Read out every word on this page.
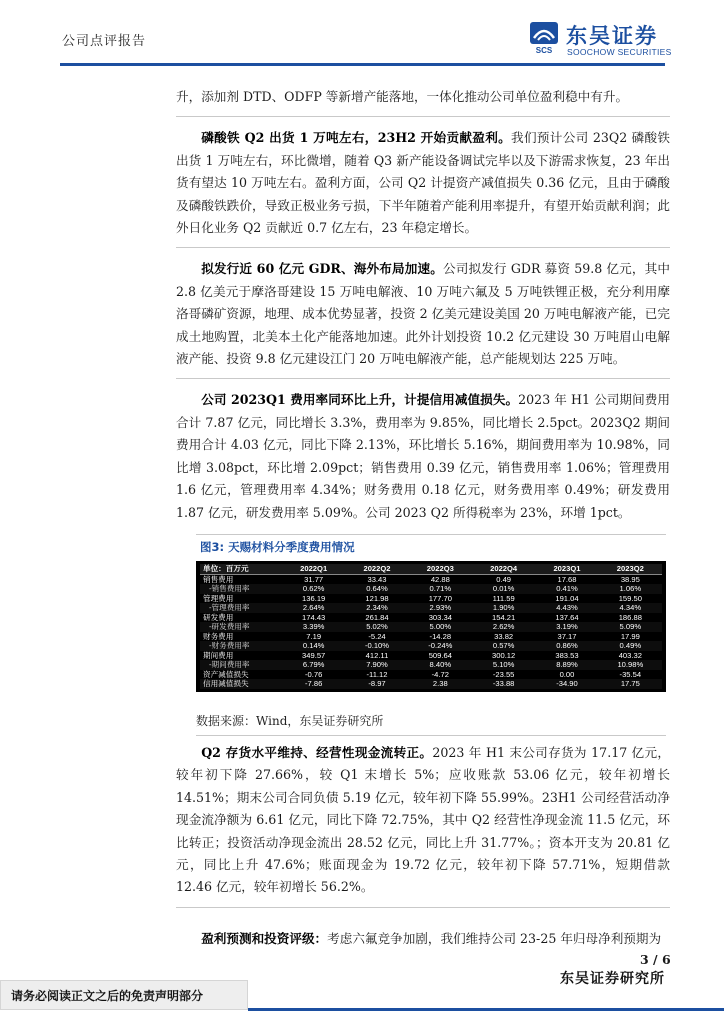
公司点评报告
SCS
东吴证券
SOOCHOW SECURITIES

升，添加剂 DTD、ODFP 等新增产能落地，一体化推动公司单位盈利稳中有升。

磷酸铁 Q2 出货 1 万吨左右，23H2 开始贡献盈利。我们预计公司 23Q2 磷酸铁出货 1 万吨左右，环比微增，随着 Q3 新产能设备调试完毕以及下游需求恢复，23 年出货有望达 10 万吨左右。盈利方面，公司 Q2 计提资产减值损失 0.36 亿元，且由于磷酸及磷酸铁跌价，导致正极业务亏损，下半年随着产能利用率提升，有望开始贡献利润；此外日化业务 Q2 贡献近 0.7 亿左右，23 年稳定增长。

拟发行近 60 亿元 GDR、海外布局加速。公司拟发行 GDR 募资 59.8 亿元，其中 2.8 亿美元于摩洛哥建设 15 万吨电解液、10 万吨六氟及 5 万吨铁锂正极，充分利用摩洛哥磷矿资源，地理、成本优势显著，投资 2 亿美元建设美国 20 万吨电解液产能，已完成土地购置，北美本土化产能落地加速。此外计划投资 10.2 亿元建设 30 万吨眉山电解液产能、投资 9.8 亿元建设江门 20 万吨电解液产能，总产能规划达 225 万吨。

公司 2023Q1 费用率同环比上升，计提信用减值损失。2023 年 H1 公司期间费用合计 7.87 亿元，同比增长 3.3%，费用率为 9.85%，同比增长 2.5pct。2023Q2 期间费用合计 4.03 亿元，同比下降 2.13%，环比增长 5.16%，期间费用率为 10.98%，同比增 3.08pct，环比增 2.09pct；销售费用 0.39 亿元，销售费用率 1.06%；管理费用 1.6 亿元，管理费用率 4.34%；财务费用 0.18 亿元，财务费用率 0.49%；研发费用 1.87 亿元，研发费用率 5.09%。公司 2023 Q2 所得税率为 23%，环增 1pct。

图3: 天赐材料分季度费用情况
单位：百万元	2022Q1	2022Q2	2022Q3	2022Q4	2023Q1	2023Q2
销售费用	31.77	33.43	42.88	0.49	17.68	38.95
-销售费用率	0.62%	0.64%	0.71%	0.01%	0.41%	1.06%
管理费用	136.19	121.98	177.70	111.59	191.04	159.50
-管理费用率	2.64%	2.34%	2.93%	1.90%	4.43%	4.34%
研发费用	174.43	261.84	303.34	154.21	137.64	186.88
-研发费用率	3.39%	5.02%	5.00%	2.62%	3.19%	5.09%
财务费用	7.19	-5.24	-14.28	33.82	37.17	17.99
-财务费用率	0.14%	-0.10%	-0.24%	0.57%	0.86%	0.49%
期间费用	349.57	412.11	509.64	300.12	383.53	403.32
-期间费用率	6.79%	7.90%	8.40%	5.10%	8.89%	10.98%
资产减值损失	-0.76	-11.12	-4.72	-23.55	0.00	-35.54
信用减值损失	-7.86	-8.97	2.38	-33.88	-34.90	17.75
数据来源：Wind，东吴证券研究所

Q2 存货水平维持、经营性现金流转正。2023 年 H1 末公司存货为 17.17 亿元，较年初下降 27.66%，较 Q1 末增长 5%；应收账款 53.06 亿元，较年初增长 14.51%；期末公司合同负债 5.19 亿元，较年初下降 55.99%。23H1 公司经营活动净现金流净额为 6.61 亿元，同比下降 72.75%，其中 Q2 经营性净现金流 11.5 亿元，环比转正；投资活动净现金流出 28.52 亿元，同比上升 31.77%。；资本开支为 20.81 亿元，同比上升 47.6%；账面现金为 19.72 亿元，较年初下降 57.71%，短期借款 12.46 亿元，较年初增长 56.2%。

盈利预测和投资评级：考虑六氟竞争加剧，我们维持公司 23-25 年归母净利预期为

3 / 6
请务必阅读正文之后的免责声明部分
东吴证券研究所
